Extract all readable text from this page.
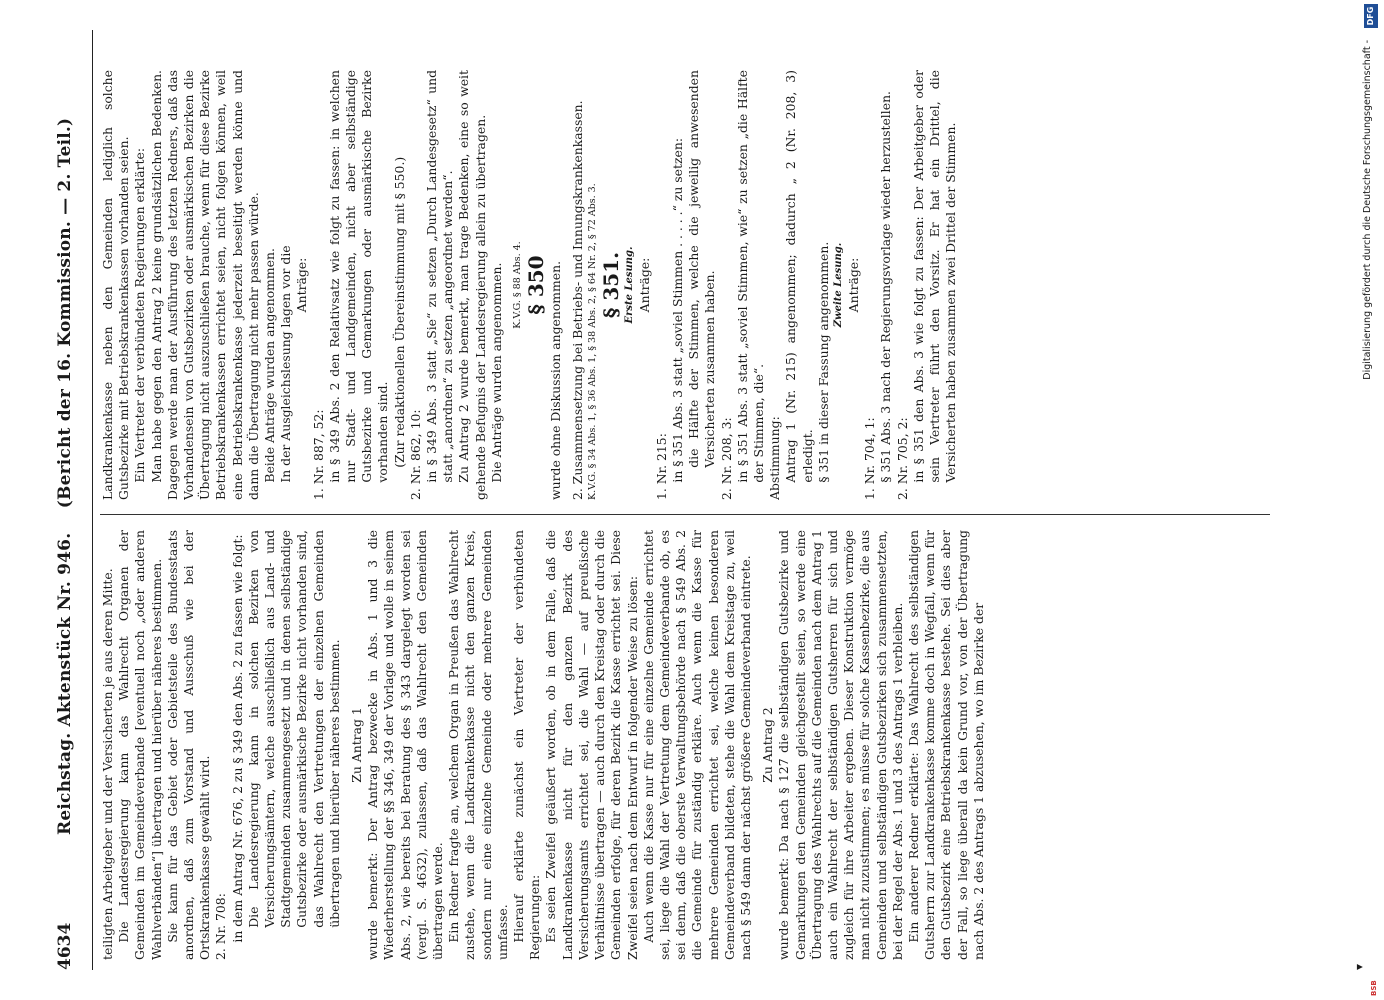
4634
Reichstag. Aktenstück Nr. 946.    (Bericht der 16. Kommission. — 2. Teil.)

teiligten Arbeitgeber und der Versicherten je aus deren Mitte. Die Landesregierung kann das Wahlrecht Organen der Gemeinden im Gemeindeverbande [eventuell noch „oder anderen Wahlverbänden“] übertragen und hierüber näheres bestimmen. Sie kann für das Gebiet oder Gebietsteile des Bundesstaats anordnen, daß zum Vorstand und Ausschuß wie bei der Ortskrankenkasse gewählt wird. 2. Nr. 708: in dem Antrag Nr. 676, 2 zu § 349 den Abs. 2 zu fassen wie folgt: Die Landesregierung kann in solchen Bezirken von Versicherungsämtern, welche ausschließlich aus Land- und Stadtgemeinden zusammengesetzt und in denen selbständige Gutsbezirke oder ausmärkische Bezirke nicht vorhanden sind, das Wahlrecht den Vertretungen der einzelnen Gemeinden übertragen und hierüber näheres bestimmen. Zu Antrag 1 wurde bemerkt: Der Antrag bezwecke in Abs. 1 und 3 die Wiederherstellung der §§ 346, 349 der Vorlage und wolle in seinem Abs. 2, wie bereits bei Beratung des § 343 dargelegt worden sei (vergl. S. 4632), zulassen, daß das Wahlrecht den Gemeinden übertragen werde. Ein Redner fragte an, welchem Organ in Preußen das Wahlrecht zustehe, wenn die Landkrankenkasse nicht den ganzen Kreis, sondern nur eine einzelne Gemeinde oder mehrere Gemeinden umfasse. Hierauf erklärte zunächst ein Vertreter der verbündeten Regierungen: Es seien Zweifel geäußert worden, ob in dem Falle, daß die Landkrankenkasse nicht für den ganzen Bezirk des Versicherungsamts errichtet sei, die Wahl — auf preußische Verhältnisse übertragen — auch durch den Kreistag oder durch die Gemeinden erfolge, für deren Bezirk die Kasse errichtet sei. Diese Zweifel seien nach dem Entwurf in folgender Weise zu lösen: Auch wenn die Kasse nur für eine einzelne Gemeinde errichtet sei, liege die Wahl der Vertretung dem Gemeindeverbande ob, es sei denn, daß die oberste Verwaltungsbehörde nach § 549 Abs. 2 die Gemeinde für zuständig erkläre. Auch wenn die Kasse für mehrere Gemeinden errichtet sei, welche keinen besonderen Gemeindeverband bildeten, stehe die Wahl dem Kreistage zu, weil nach § 549 dann der nächst größere Gemeindeverband eintrete. Zu Antrag 2 wurde bemerkt: Da nach § 127 die selbständigen Gutsbezirke und Gemarkungen den Gemeinden gleichgestellt seien, so werde eine Übertragung des Wahlrechts auf die Gemeinden nach dem Antrag 1 auch ein Wahlrecht der selbständigen Gutsherren für sich und zugleich für ihre Arbeiter ergeben. Dieser Konstruktion vermöge man nicht zuzustimmen; es müsse für solche Kassenbezirke, die aus Gemeinden und selbständigen Gutsbezirken sich zusammensetzten, bei der Regel der Abs. 1 und 3 des Antrags 1 verbleiben. Ein anderer Redner erklärte: Das Wahlrecht des selbständigen Gutsherrn zur Landkrankenkasse komme doch in Wegfall, wenn für den Gutsbezirk eine Betriebskrankenkasse bestehe. Sei dies aber der Fall, so liege überall da kein Grund vor, von der Übertragung nach Abs. 2 des Antrags 1 abzusehen, wo im Bezirke der

Landkrankenkasse neben den Gemeinden lediglich solche Gutsbezirke mit Betriebskrankenkassen vorhanden seien. Ein Vertreter der verbündeten Regierungen erklärte: Man habe gegen den Antrag 2 keine grundsätzlichen Bedenken. Dagegen werde man der Ausführung des letzten Redners, daß das Vorhandensein von Gutsbezirken oder ausmärkischen Bezirken die Übertragung nicht auszuschließen brauche, wenn für diese Bezirke Betriebskrankenkassen errichtet seien, nicht folgen können, weil eine Betriebskrankenkasse jederzeit beseitigt werden könne und dann die Übertragung nicht mehr passen würde. Beide Anträge wurden angenommen. In der Ausgleichslesung lagen vor die Anträge:

1. Nr. 887, 52: in § 349 Abs. 2 den Relativsatz wie folgt zu fassen: in welchen nur Stadt- und Landgemeinden, nicht aber selbständige Gutsbezirke und Gemarkungen oder ausmärkische Bezirke vorhanden sind. (Zur redaktionellen Übereinstimmung mit § 550.) 2. Nr. 862, 10: in § 349 Abs. 3 statt „Sie“ zu setzen „Durch Landesgesetz“ und statt „anordnen“ zu setzen „angeordnet werden“. Zu Antrag 2 wurde bemerkt, man trage Bedenken, eine so weit gehende Befugnis der Landesregierung allein zu übertragen. Die Anträge wurden angenommen. K.V.G. § 88 Abs. 4. § 350 wurde ohne Diskussion angenommen. 2. Zusammensetzung bei Betriebs- und Innungskrankenkassen. K.V.G. § 34 Abs. 1, § 36 Abs. 1, § 38 Abs. 2, § 64 Nr. 2, § 72 Abs. 3. § 351. Erste Lesung. Anträge:

1. Nr. 215: in § 351 Abs. 3 statt „soviel Stimmen . . . . .“ zu setzen: die Hälfte der Stimmen, welche die jeweilig anwesenden Versicherten zusammen haben. 2. Nr. 208, 3: in § 351 Abs. 3 statt „soviel Stimmen, wie“ zu setzen „die Hälfte der Stimmen, die“. Abstimmung: Antrag 1 (Nr. 215) angenommen; dadurch „ 2 (Nr. 208, 3) erledigt. § 351 in dieser Fassung angenommen. Zweite Lesung. Anträge:

1. Nr. 704, 1: § 351 Abs. 3 nach der Regierungsvorlage wieder herzustellen. 2. Nr. 705, 2: in § 351 den Abs. 3 wie folgt zu fassen: Der Arbeitgeber oder sein Vertreter führt den Vorsitz. Er hat ein Drittel, die Versicherten haben zusammen zwei Drittel der Stimmen.

▾
BSB
Digitalisierung gefördert durch die Deutsche Forschungsgemeinschaft -
DFG
